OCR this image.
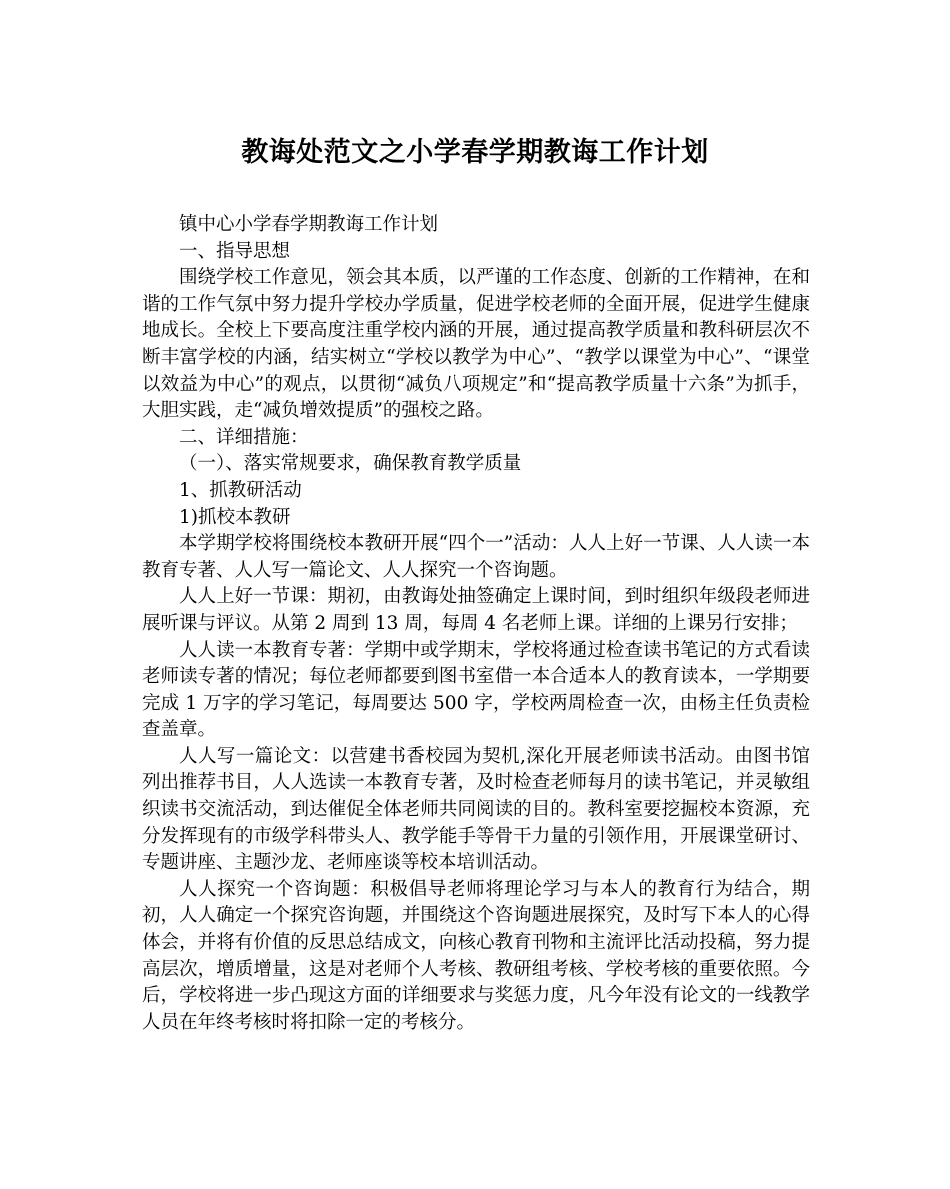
教诲处范文之小学春学期教诲工作计划

镇中心小学春学期教诲工作计划

一、指导思想

围绕学校工作意见，领会其本质，以严谨的工作态度、创新的工作精神，在和谐的工作气氛中努力提升学校办学质量，促进学校老师的全面开展，促进学生健康地成长。全校上下要高度注重学校内涵的开展，通过提高教学质量和教科研层次不断丰富学校的内涵，结实树立“学校以教学为中心”、“教学以课堂为中心”、“课堂以效益为中心”的观点，以贯彻“减负八项规定”和“提高教学质量十六条”为抓手，大胆实践，走“减负增效提质”的强校之路。

二、详细措施：

（一）、落实常规要求，确保教育教学质量

1、抓教研活动

1)抓校本教研

本学期学校将围绕校本教研开展“四个一”活动：人人上好一节课、人人读一本教育专著、人人写一篇论文、人人探究一个咨询题。

人人上好一节课：期初，由教诲处抽签确定上课时间，到时组织年级段老师进展听课与评议。从第 2 周到 13 周，每周 4 名老师上课。详细的上课另行安排；

人人读一本教育专著：学期中或学期末，学校将通过检查读书笔记的方式看读老师读专著的情况；每位老师都要到图书室借一本合适本人的教育读本，一学期要完成 1 万字的学习笔记，每周要达 500 字，学校两周检查一次，由杨主任负责检查盖章。

人人写一篇论文：以营建书香校园为契机,深化开展老师读书活动。由图书馆列出推荐书目，人人选读一本教育专著，及时检查老师每月的读书笔记，并灵敏组织读书交流活动，到达催促全体老师共同阅读的目的。教科室要挖掘校本资源，充分发挥现有的市级学科带头人、教学能手等骨干力量的引领作用，开展课堂研讨、专题讲座、主题沙龙、老师座谈等校本培训活动。

人人探究一个咨询题：积极倡导老师将理论学习与本人的教育行为结合，期初，人人确定一个探究咨询题，并围绕这个咨询题进展探究，及时写下本人的心得体会，并将有价值的反思总结成文，向核心教育刊物和主流评比活动投稿，努力提高层次，增质增量，这是对老师个人考核、教研组考核、学校考核的重要依照。今后，学校将进一步凸现这方面的详细要求与奖惩力度，凡今年没有论文的一线教学人员在年终考核时将扣除一定的考核分。
